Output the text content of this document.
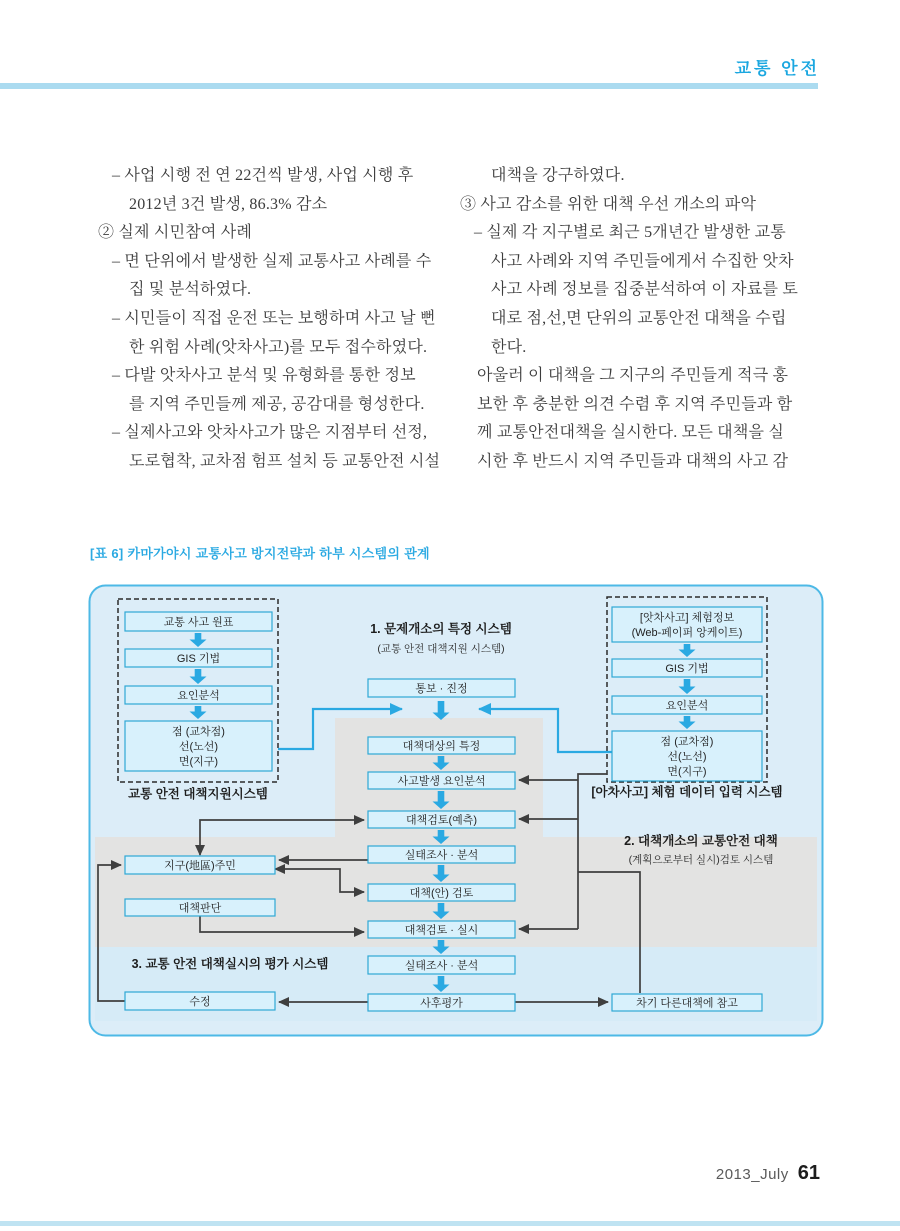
교통 안전
– 사업 시행 전 연 22건씩 발생, 사업 시행 후
2012년 3건 발생, 86.3% 감소
② 실제 시민참여 사례
– 면 단위에서 발생한 실제 교통사고 사례를 수
집 및 분석하였다.
– 시민들이 직접 운전 또는 보행하며 사고 날 뻔
한 위험 사례(앗차사고)를 모두 접수하였다.
– 다발 앗차사고 분석 및 유형화를 통한 정보
를 지역 주민들께 제공, 공감대를 형성한다.
– 실제사고와 앗차사고가 많은 지점부터 선정,
도로협착, 교차점 험프 설치 등 교통안전 시설
대책을 강구하였다.
③ 사고 감소를 위한 대책 우선 개소의 파악
– 실제 각 지구별로 최근 5개년간 발생한 교통
사고 사례와 지역 주민들에게서 수집한 앗차
사고 사례 정보를 집중분석하여 이 자료를 토
대로 점,선,면 단위의 교통안전 대책을 수립
한다.
아울러 이 대책을 그 지구의 주민들게 적극 홍
보한 후 충분한 의견 수렴 후 지역 주민들과 함
께 교통안전대책을 실시한다. 모든 대책을 실
시한 후 반드시 지역 주민들과 대책의 사고 감
[표 6] 카마가야시 교통사고 방지전략과 하부 시스템의 관계
교통 안전 대책지원시스템	[아차사고] 체험 데이터 입력 시스템
교통 사고 원표
GIS 기법
요인분석
점 (교차점)
선(노선)
면(지구)
[앗차사고] 체험정보
(Web-페이퍼 앙케이트)
GIS 기법
요인분석
점 (교차점)
선(노선)
면(지구)
통보 · 진정
대책대상의 특정
사고발생 요인분석
대책검토(예측)
실태조사 · 분석
대책(안) 검토
대책검토 · 실시
실태조사 · 분석
사후평가
지구(地區)주민
대책판단
수정	차기 다른대책에 참고
1. 문제개소의 특정 시스템
(교통 안전 대책지원 시스템)
2. 대책개소의 교통안전 대책
(계획으로부터 실시)검토 시스템
3. 교통 안전 대책실시의 평가 시스템
2013_July 61
